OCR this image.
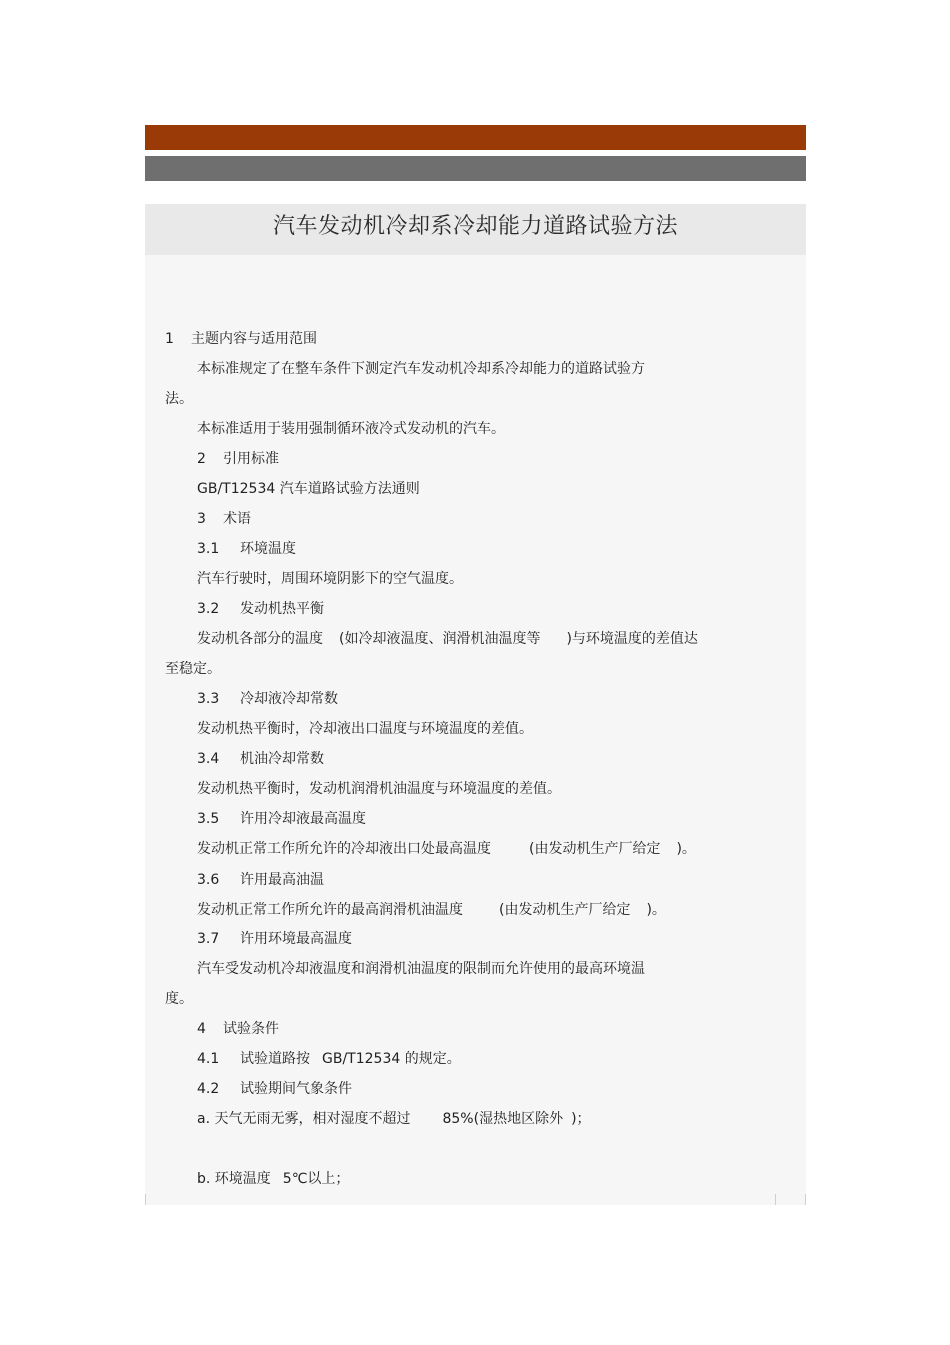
汽车发动机冷却系冷却能力道路试验方法
1 主题内容与适用范围
本标准规定了在整车条件下测定汽车发动机冷却系冷却能力的道路试验方
法。
本标准适用于装用强制循环液冷式发动机的汽车。
2 引用标准
GB/T12534 汽车道路试验方法通则
3 术语
3.1 环境温度
汽车行驶时，周围环境阴影下的空气温度。
3.2 发动机热平衡
发动机各部分的温度 (如冷却液温度、润滑机油温度等 )与环境温度的差值达
至稳定。
3.3 冷却液冷却常数
发动机热平衡时，冷却液出口温度与环境温度的差值。
3.4 机油冷却常数
发动机热平衡时，发动机润滑机油温度与环境温度的差值。
3.5 许用冷却液最高温度
发动机正常工作所允许的冷却液出口处最高温度	(由发动机生产厂给定 )。
3.6 许用最高油温
发动机正常工作所允许的最高润滑机油温度	(由发动机生产厂给定 )。
3.7 许用环境最高温度
汽车受发动机冷却液温度和润滑机油温度的限制而允许使用的最高环境温
度。
4 试验条件
4.1 试验道路按 GB/T12534 的规定。
4.2 试验期间气象条件
a. 天气无雨无雾，相对湿度不超过 85%(湿热地区除外 )；
b. 环境温度 5℃以上；
